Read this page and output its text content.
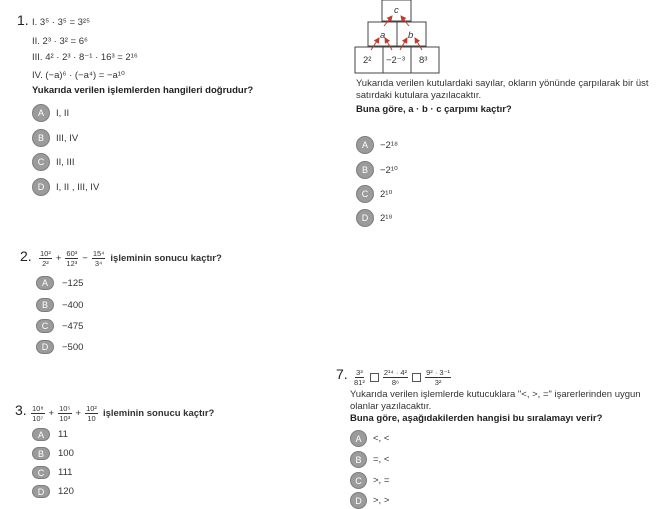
1. I. 3⁵ · 3⁵ = 3²⁵
II. 2³ · 3² = 6⁶
III. 4² · 2³ · 8⁻¹ · 16³ = 2¹⁶
IV. (−a)⁶ · (−a⁴) = −a¹⁰
Yukarıda verilen işlemlerden hangileri doğrudur?
A	I, II
B	III, IV
C	II, III
D	I, II , III, IV
c
a b
2² −2⁻³ 8³
Yukarıda verilen kutulardaki sayılar, okların yönünde çarpılarak bir üst satırdaki kutulara yazılacaktır.
Buna göre, a · b · c çarpımı kaçtır?
A	−2¹⁸
B	−2¹⁰
C	2¹⁰
D	2¹⁸
2. $\frac{\text{10²}}{\text{2²}} + \frac{\text{60³}}{\text{12³}} - \frac{\text{15⁴}}{\text{3⁴}}$ işleminin sonucu kaçtır?
A	−125
B	−400
C	−475
D	−500
3. $\frac{\text{10⁸}}{\text{10⁷}} + \frac{\text{10⁵}}{\text{10³}} + \frac{\text{10²}}{10}$ işleminin sonucu kaçtır?
A	11
B	100
C	111
D	120
7. $\frac{\text{3³}}{\text{81²}} \frac{\text{2¹⁴ · 4²}}{\text{8⁶}} \frac{\text{9² · 3⁻¹}}{\text{3²}}$
Yukarıda verilen işlemlerde kutucuklara "<, >, =" işarerlerinden uygun olanlar yazılacaktır.
Buna göre, aşağıdakilerden hangisi bu sıralamayı verir?
A	<, <
B	=, <
C	>, =
D	>, >
